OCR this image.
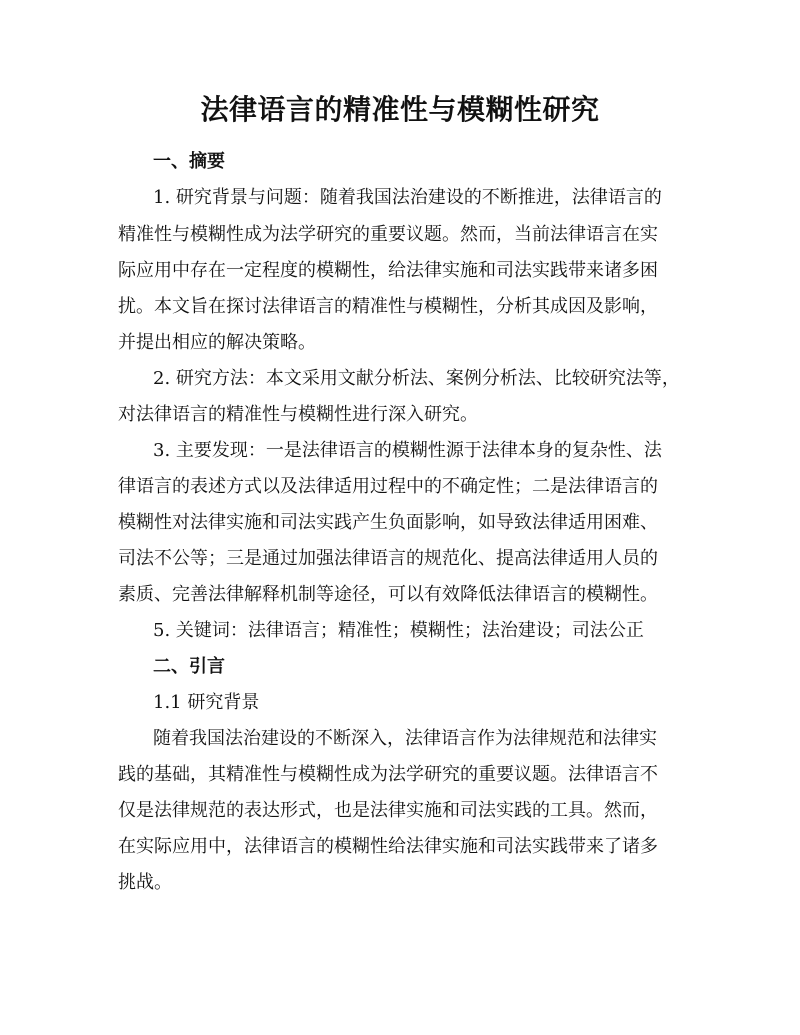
法律语言的精准性与模糊性研究
一、摘要
1. 研究背景与问题：随着我国法治建设的不断推进，法律语言的
精准性与模糊性成为法学研究的重要议题。然而，当前法律语言在实
际应用中存在一定程度的模糊性，给法律实施和司法实践带来诸多困
扰。本文旨在探讨法律语言的精准性与模糊性，分析其成因及影响，
并提出相应的解决策略。
2. 研究方法：本文采用文献分析法、案例分析法、比较研究法等，
对法律语言的精准性与模糊性进行深入研究。
3. 主要发现：一是法律语言的模糊性源于法律本身的复杂性、法
律语言的表述方式以及法律适用过程中的不确定性；二是法律语言的
模糊性对法律实施和司法实践产生负面影响，如导致法律适用困难、
司法不公等；三是通过加强法律语言的规范化、提高法律适用人员的
素质、完善法律解释机制等途径，可以有效降低法律语言的模糊性。
5. 关键词：法律语言；精准性；模糊性；法治建设；司法公正
二、引言
1.1 研究背景
随着我国法治建设的不断深入，法律语言作为法律规范和法律实
践的基础，其精准性与模糊性成为法学研究的重要议题。法律语言不
仅是法律规范的表达形式，也是法律实施和司法实践的工具。然而，
在实际应用中，法律语言的模糊性给法律实施和司法实践带来了诸多
挑战。
